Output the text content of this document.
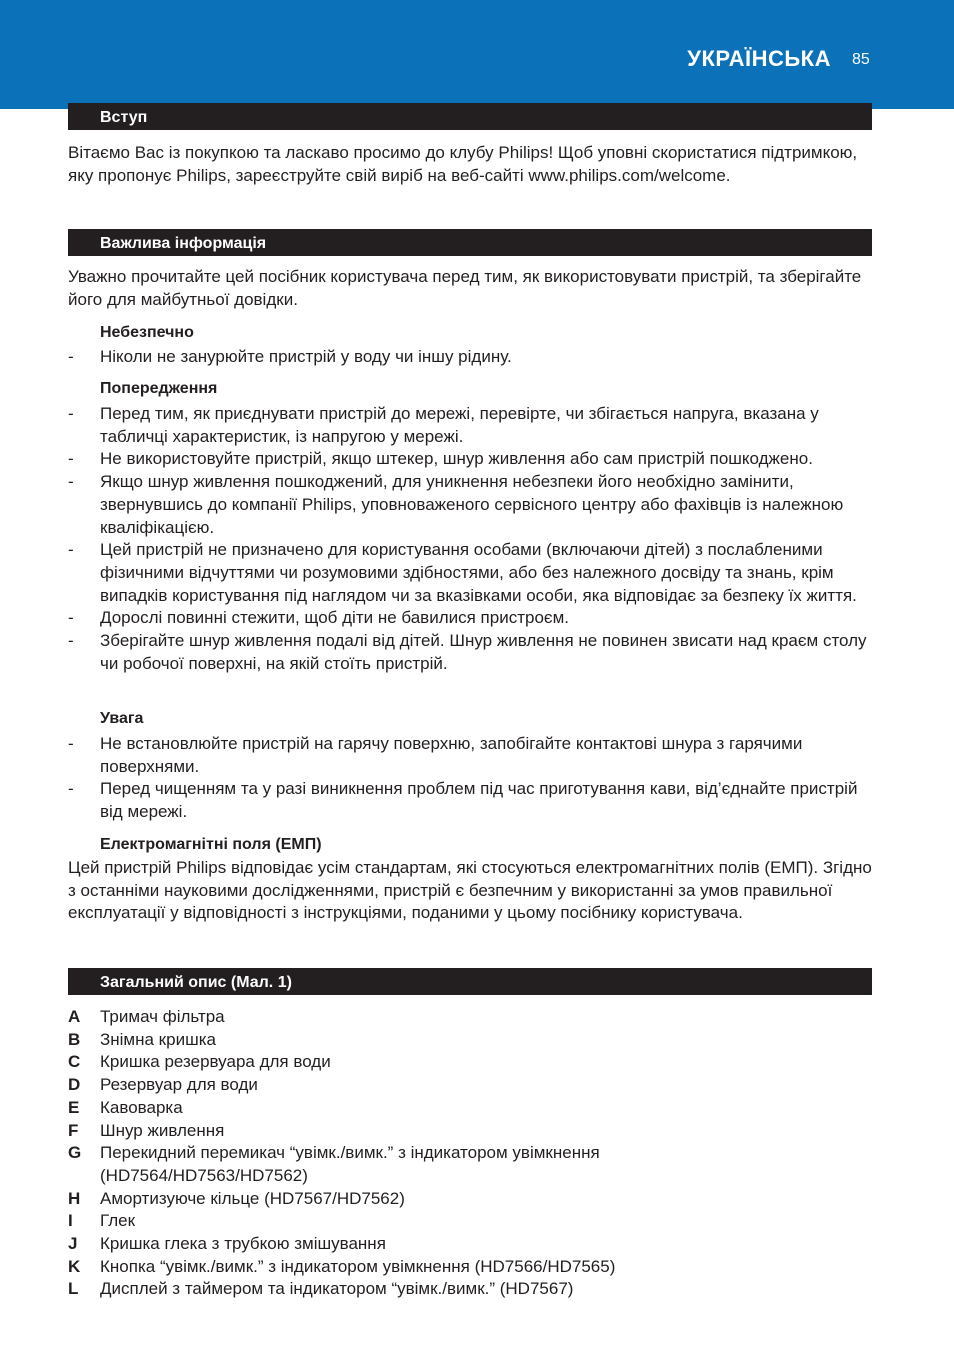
УКРАЇНСЬКА 85
Вступ

Вітаємо Вас із покупкою та ласкаво просимо до клубу Philips! Щоб уповні скористатися підтримкою, яку пропонує Philips, зареєструйте свій виріб на веб-сайті www.philips.com/welcome.

Важлива інформація

Уважно прочитайте цей посібник користувача перед тим, як використовувати пристрій, та зберігайте його для майбутньої довідки.

Небезпечно
- Ніколи не занурюйте пристрій у воду чи іншу рідину.
Попередження
- Перед тим, як приєднувати пристрій до мережі, перевірте, чи збігається напруга, вказана у табличці характеристик, із напругою у мережі.
- Не використовуйте пристрій, якщо штекер, шнур живлення або сам пристрій пошкоджено.
- Якщо шнур живлення пошкоджений, для уникнення небезпеки його необхідно замінити, звернувшись до компанії Philips, уповноваженого сервісного центру або фахівців із належною кваліфікацією.
- Цей пристрій не призначено для користування особами (включаючи дітей) з послабленими фізичними відчуттями чи розумовими здібностями, або без належного досвіду та знань, крім випадків користування під наглядом чи за вказівками особи, яка відповідає за безпеку їх життя.
- Дорослі повинні стежити, щоб діти не бавилися пристроєм.
- Зберігайте шнур живлення подалі від дітей. Шнур живлення не повинен звисати над краєм столу чи робочої поверхні, на якій стоїть пристрій.
Увага
- Не встановлюйте пристрій на гарячу поверхню, запобігайте контактові шнура з гарячими поверхнями.
- Перед чищенням та у разі виникнення проблем під час приготування кави, від’єднайте пристрій від мережі.
Електромагнітні поля (ЕМП)

Цей пристрій Philips відповідає усім стандартам, які стосуються електромагнітних полів (ЕМП). Згідно з останніми науковими дослідженнями, пристрій є безпечним у використанні за умов правильної експлуатації у відповідності з інструкціями, поданими у цьому посібнику користувача.

Загальний опис (Мал. 1)
A Тримач фільтра
B Знімна кришка
C Кришка резервуара для води
D Резервуар для води
E Кавоварка
F Шнур живлення
G Перекидний перемикач “увімк./вимк.” з індикатором увімкнення (HD7564/HD7563/HD7562)
H Амортизуюче кільце (HD7567/HD7562)
I Глек
J Кришка глека з трубкою змішування
K Кнопка “увімк./вимк.” з індикатором увімкнення (HD7566/HD7565)
L Дисплей з таймером та індикатором “увімк./вимк.” (HD7567)
